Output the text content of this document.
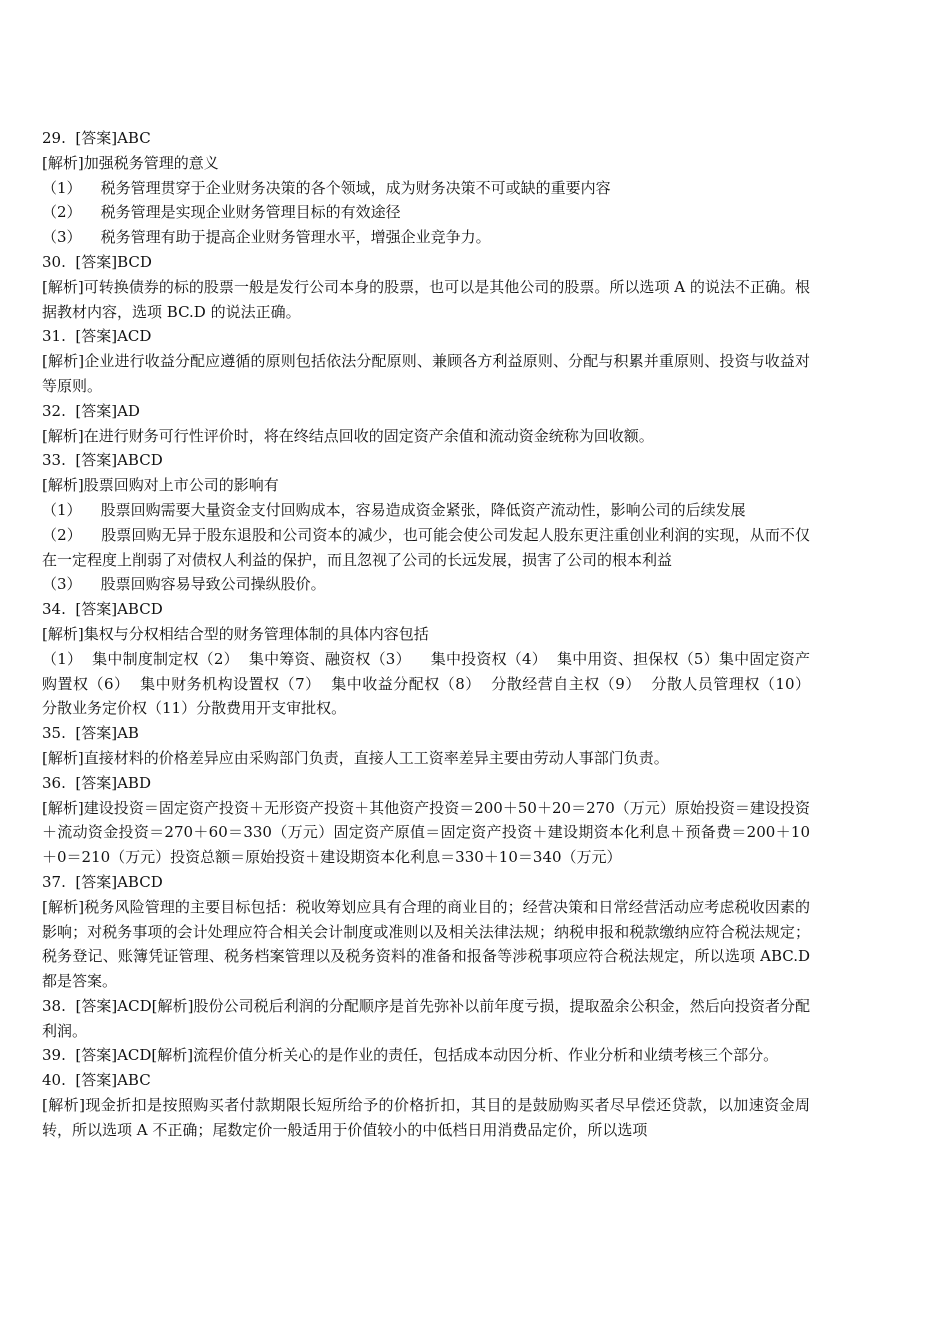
29.  [答案]ABC

[解析]加强税务管理的意义

（1）    税务管理贯穿于企业财务决策的各个领域，成为财务决策不可或缺的重要内容

（2）    税务管理是实现企业财务管理目标的有效途径

（3）    税务管理有助于提高企业财务管理水平，增强企业竞争力。

30.  [答案]BCD

[解析]可转换债券的标的股票一般是发行公司本身的股票，也可以是其他公司的股票。所以选项 A 的说法不正确。根据教材内容，选项 BC.D 的说法正确。

31.  [答案]ACD

[解析]企业进行收益分配应遵循的原则包括依法分配原则、兼顾各方利益原则、分配与积累并重原则、投资与收益对等原则。

32.  [答案]AD

[解析]在进行财务可行性评价时，将在终结点回收的固定资产余值和流动资金统称为回收额。

33.  [答案]ABCD

[解析]股票回购对上市公司的影响有

（1）    股票回购需要大量资金支付回购成本，容易造成资金紧张，降低资产流动性，影响公司的后续发展

（2）    股票回购无异于股东退股和公司资本的减少，也可能会使公司发起人股东更注重创业利润的实现，从而不仅在一定程度上削弱了对债权人利益的保护，而且忽视了公司的长远发展，损害了公司的根本利益

（3）    股票回购容易导致公司操纵股价。

34.  [答案]ABCD

[解析]集权与分权相结合型的财务管理体制的具体内容包括

（1）  集中制度制定权（2）  集中筹资、融资权（3）    集中投资权（4）  集中用资、担保权（5）集中固定资产购置权（6）  集中财务机构设置权（7）  集中收益分配权（8）  分散经营自主权（9）  分散人员管理权（10）    分散业务定价权（11）分散费用开支审批权。

35.  [答案]AB

[解析]直接材料的价格差异应由采购部门负责，直接人工工资率差异主要由劳动人事部门负责。

36.  [答案]ABD

[解析]建设投资＝固定资产投资＋无形资产投资＋其他资产投资＝200＋50＋20＝270（万元）原始投资＝建设投资＋流动资金投资＝270＋60＝330（万元）固定资产原值＝固定资产投资＋建设期资本化利息＋预备费＝200＋10＋0＝210（万元）投资总额＝原始投资＋建设期资本化利息＝330＋10＝340（万元）

37.  [答案]ABCD

[解析]税务风险管理的主要目标包括：税收筹划应具有合理的商业目的；经营决策和日常经营活动应考虑税收因素的影响；对税务事项的会计处理应符合相关会计制度或准则以及相关法律法规；纳税申报和税款缴纳应符合税法规定；税务登记、账簿凭证管理、税务档案管理以及税务资料的准备和报备等涉税事项应符合税法规定，所以选项 ABC.D 都是答案。

38.  [答案]ACD[解析]股份公司税后利润的分配顺序是首先弥补以前年度亏损，提取盈余公积金，然后向投资者分配利润。

39.  [答案]ACD[解析]流程价值分析关心的是作业的责任，包括成本动因分析、作业分析和业绩考核三个部分。

40.  [答案]ABC

[解析]现金折扣是按照购买者付款期限长短所给予的价格折扣，其目的是鼓励购买者尽早偿还贷款，以加速资金周转，所以选项 A 不正确；尾数定价一般适用于价值较小的中低档日用消费品定价，所以选项
